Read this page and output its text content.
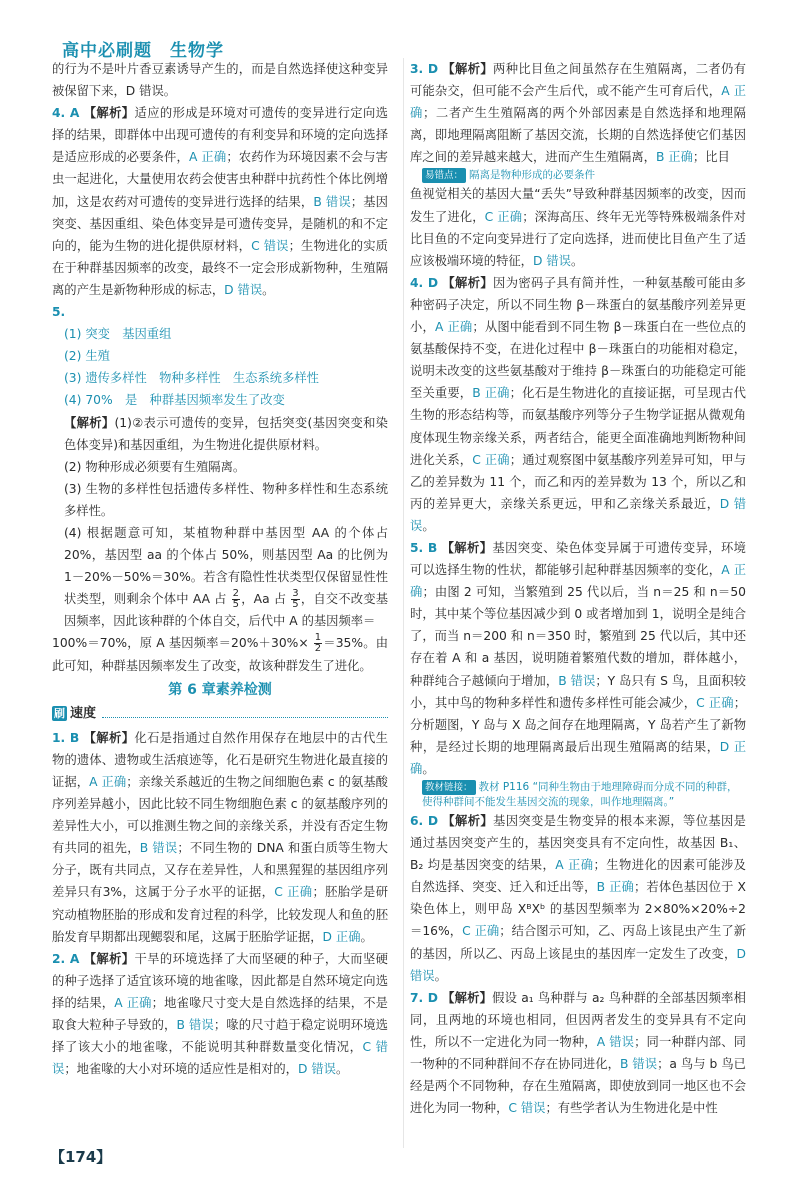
高中必刷题　生物学

的行为不是叶片香豆素诱导产生的，而是自然选择使这种变异被保留下来，D 错误。

4. A 【解析】适应的形成是环境对可遗传的变异进行定向选择的结果，即群体中出现可遗传的有利变异和环境的定向选择是适应形成的必要条件，A 正确；农药作为环境因素不会与害虫一起进化，大量使用农药会使害虫种群中抗药性个体比例增加，这是农药对可遗传的变异进行选择的结果，B 错误；基因突变、基因重组、染色体变异是可遗传变异，是随机的和不定向的，能为生物的进化提供原材料，C 错误；生物进化的实质在于种群基因频率的改变，最终不一定会形成新物种，生殖隔离的产生是新物种形成的标志，D 错误。

5.

(1) 突变　基因重组

(2) 生殖

(3) 遗传多样性　物种多样性　生态系统多样性

(4) 70%　是　种群基因频率发生了改变

【解析】(1)②表示可遗传的变异，包括突变(基因突变和染色体变异)和基因重组，为生物进化提供原材料。

(2) 物种形成必须要有生殖隔离。

(3) 生物的多样性包括遗传多样性、物种多样性和生态系统多样性。

(4) 根据题意可知，某植物种群中基因型 AA 的个体占 20%，基因型 aa 的个体占 50%，则基因型 Aa 的比例为 1－20%－50%＝30%。若含有隐性性状类型仅保留显性性状类型，则剩余个体中 AA 占 $\frac{2}{5}$ ，Aa 占 $\frac{3}{5}$ ，自交不改变基因频率，因此该种群的个体自交，后代中 A 的基因频率＝

100%＝70%，原 A 基因频率$=20\%+30\%\times \frac{1}{2} =35\%$。由此可知，种群基因频率发生了改变，故该种群发生了进化。

第 6 章素养检测
刷 速度

1. B 【解析】化石是指通过自然作用保存在地层中的古代生物的遗体、遗物或生活痕迹等，化石是研究生物进化最直接的证据，A 正确；亲缘关系越近的生物之间细胞色素 c 的氨基酸序列差异越小，因此比较不同生物细胞色素 c 的氨基酸序列的差异性大小，可以推测生物之间的亲缘关系，并没有否定生物有共同的祖先，B 错误；不同生物的 DNA 和蛋白质等生物大分子，既有共同点，又存在差异性，人和黑猩猩的基因组序列差异只有3%，这属于分子水平的证据，C 正确；胚胎学是研究动植物胚胎的形成和发育过程的科学，比较发现人和鱼的胚胎发育早期都出现鳃裂和尾，这属于胚胎学证据，D 正确。

2. A 【解析】干旱的环境选择了大而坚硬的种子，大而坚硬的种子选择了适宜该环境的地雀喙，因此都是自然环境定向选择的结果，A 正确；地雀喙尺寸变大是自然选择的结果，不是取食大粒种子导致的，B 错误；喙的尺寸趋于稳定说明环境选择了该大小的地雀喙，不能说明其种群数量变化情况，C 错误；地雀喙的大小对环境的适应性是相对的，D 错误。

3. D 【解析】两种比目鱼之间虽然存在生殖隔离，二者仍有可能杂交，但可能不会产生后代，或不能产生可育后代，A 正确；二者产生生殖隔离的两个外部因素是自然选择和地理隔离，即地理隔离阻断了基因交流，长期的自然选择使它们基因库之间的差异越来越大，进而产生生殖隔离，B 正确；比目

易错点： 隔离是物种形成的必要条件

鱼视觉相关的基因大量“丢失”导致种群基因频率的改变，因而发生了进化，C 正确；深海高压、终年无光等特殊极端条件对比目鱼的不定向变异进行了定向选择，进而使比目鱼产生了适应该极端环境的特征，D 错误。

4. D 【解析】因为密码子具有简并性，一种氨基酸可能由多种密码子决定，所以不同生物 β－珠蛋白的氨基酸序列差异更小，A 正确；从图中能看到不同生物 β－珠蛋白在一些位点的氨基酸保持不变，在进化过程中 β－珠蛋白的功能相对稳定，说明未改变的这些氨基酸对于维持 β－珠蛋白的功能稳定可能至关重要，B 正确；化石是生物进化的直接证据，可呈现古代生物的形态结构等，而氨基酸序列等分子生物学证据从微观角度体现生物亲缘关系，两者结合，能更全面准确地判断物种间进化关系，C 正确；通过观察图中氨基酸序列差异可知，甲与乙的差异数为 11 个，而乙和丙的差异数为 13 个，所以乙和丙的差异更大，亲缘关系更远，甲和乙亲缘关系最近，D 错误。

5. B 【解析】基因突变、染色体变异属于可遗传变异，环境可以选择生物的性状，都能够引起种群基因频率的变化，A 正确；由图 2 可知，当繁殖到 25 代以后，当 n＝25 和 n＝50 时，其中某个等位基因减少到 0 或者增加到 1，说明全是纯合了，而当 n＝200 和 n＝350 时，繁殖到 25 代以后，其中还存在着 A 和 a 基因，说明随着繁殖代数的增加，群体越小，种群纯合子越倾向于增加，B 错误；Y 岛只有 S 鸟，且面积较小，其中鸟的物种多样性和遗传多样性可能会减少，C 正确；分析题图，Y 岛与 X 岛之间存在地理隔离，Y 岛若产生了新物种，是经过长期的地理隔离最后出现生殖隔离的结果，D 正确。

教材链接： 教材 P116 “同种生物由于地理障碍而分成不同的种群，使得种群间不能发生基因交流的现象，叫作地理隔离。”

6. D 【解析】基因突变是生物变异的根本来源，等位基因是通过基因突变产生的，基因突变具有不定向性，故基因 B₁、B₂ 均是基因突变的结果，A 正确；生物进化的因素可能涉及自然选择、突变、迁入和迁出等，B 正确；若体色基因位于 X 染色体上，则甲岛 XᴮXᵇ 的基因型频率为 2×80%×20%÷2＝16%，C 正确；结合图示可知，乙、丙岛上该昆虫产生了新的基因，所以乙、丙岛上该昆虫的基因库一定发生了改变，D 错误。

7. D 【解析】假设 a₁ 鸟种群与 a₂ 鸟种群的全部基因频率相同，且两地的环境也相同，但因两者发生的变异具有不定向性，所以不一定进化为同一物种，A 错误；同一种群内部、同一物种的不同种群间不存在协同进化，B 错误；a 鸟与 b 鸟已经是两个不同物种，存在生殖隔离，即使放到同一地区也不会进化为同一物种，C 错误；有些学者认为生物进化是中性

【174】
